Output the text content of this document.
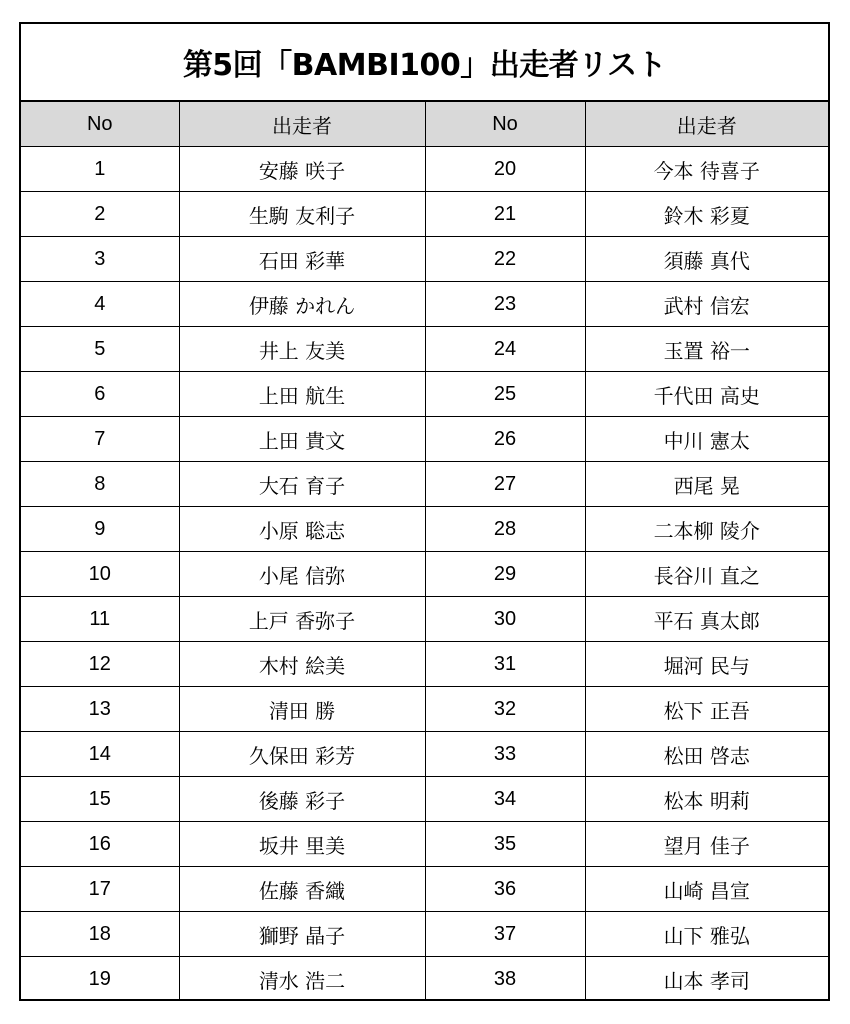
第5回「BAMBI100」出走者リスト
No	出走者	No	出走者
1	安藤 咲子	20	今本 待喜子
2	生駒 友利子	21	鈴木 彩夏
3	石田 彩華	22	須藤 真代
4	伊藤 かれん	23	武村 信宏
5	井上 友美	24	玉置 裕一
6	上田 航生	25	千代田 高史
7	上田 貴文	26	中川 憲太
8	大石 育子	27	西尾 晃
9	小原 聡志	28	二本柳 陵介
10	小尾 信弥	29	長谷川 直之
11	上戸 香弥子	30	平石 真太郎
12	木村 絵美	31	堀河 民与
13	清田 勝	32	松下 正吾
14	久保田 彩芳	33	松田 啓志
15	後藤 彩子	34	松本 明莉
16	坂井 里美	35	望月 佳子
17	佐藤 香織	36	山崎 昌宣
18	獅野 晶子	37	山下 雅弘
19	清水 浩二	38	山本 孝司
